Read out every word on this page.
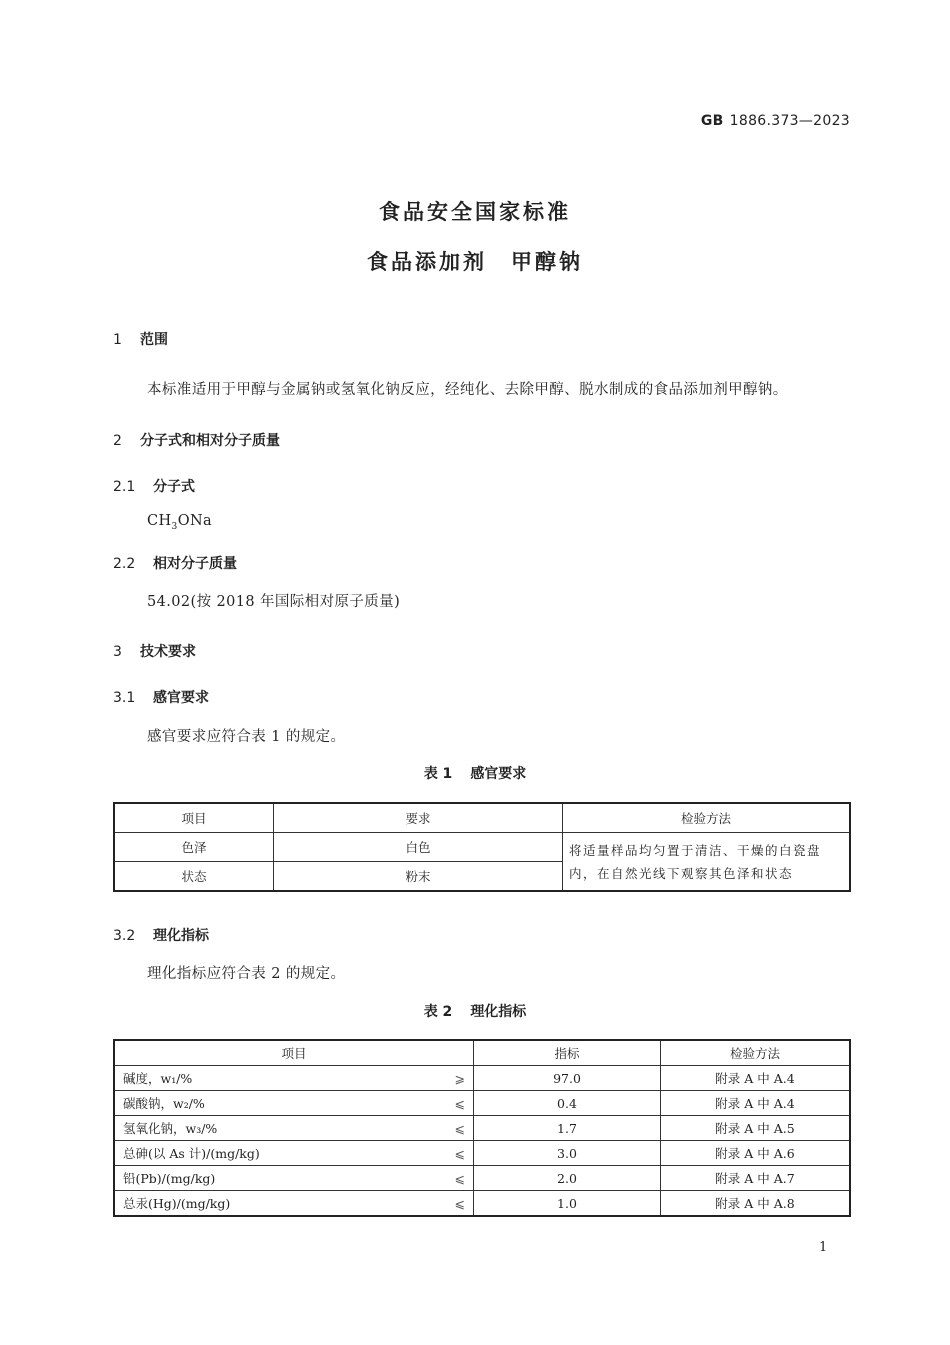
GB 1886.373—2023
食品安全国家标准
食品添加剂　甲醇钠
1 范围
本标准适用于甲醇与金属钠或氢氧化钠反应，经纯化、去除甲醇、脱水制成的食品添加剂甲醇钠。
2 分子式和相对分子质量
2.1 分子式
$CH_3ONa$
2.2 相对分子质量
54.02(按 2018 年国际相对原子质量)
3 技术要求
3.1 感官要求
感官要求应符合表 1 的规定。
表 1 感官要求
项目	要求	检验方法
色泽	白色	将适量样品均匀置于清洁、干燥的白瓷盘
内，在自然光线下观察其色泽和状态
状态	粉末	
3.2 理化指标
理化指标应符合表 2 的规定。
表 2 理化指标
项目		指标	检验方法
碱度，w₁/%	⩾	97.0	附录 A 中 A.4
碳酸钠，w₂/%	⩽	0.4	附录 A 中 A.4
氢氧化钠，w₃/%	⩽	1.7	附录 A 中 A.5
总砷(以 As 计)/(mg/kg)	⩽	3.0	附录 A 中 A.6
铅(Pb)/(mg/kg)	⩽	2.0	附录 A 中 A.7
总汞(Hg)/(mg/kg)	⩽	1.0	附录 A 中 A.8
1
